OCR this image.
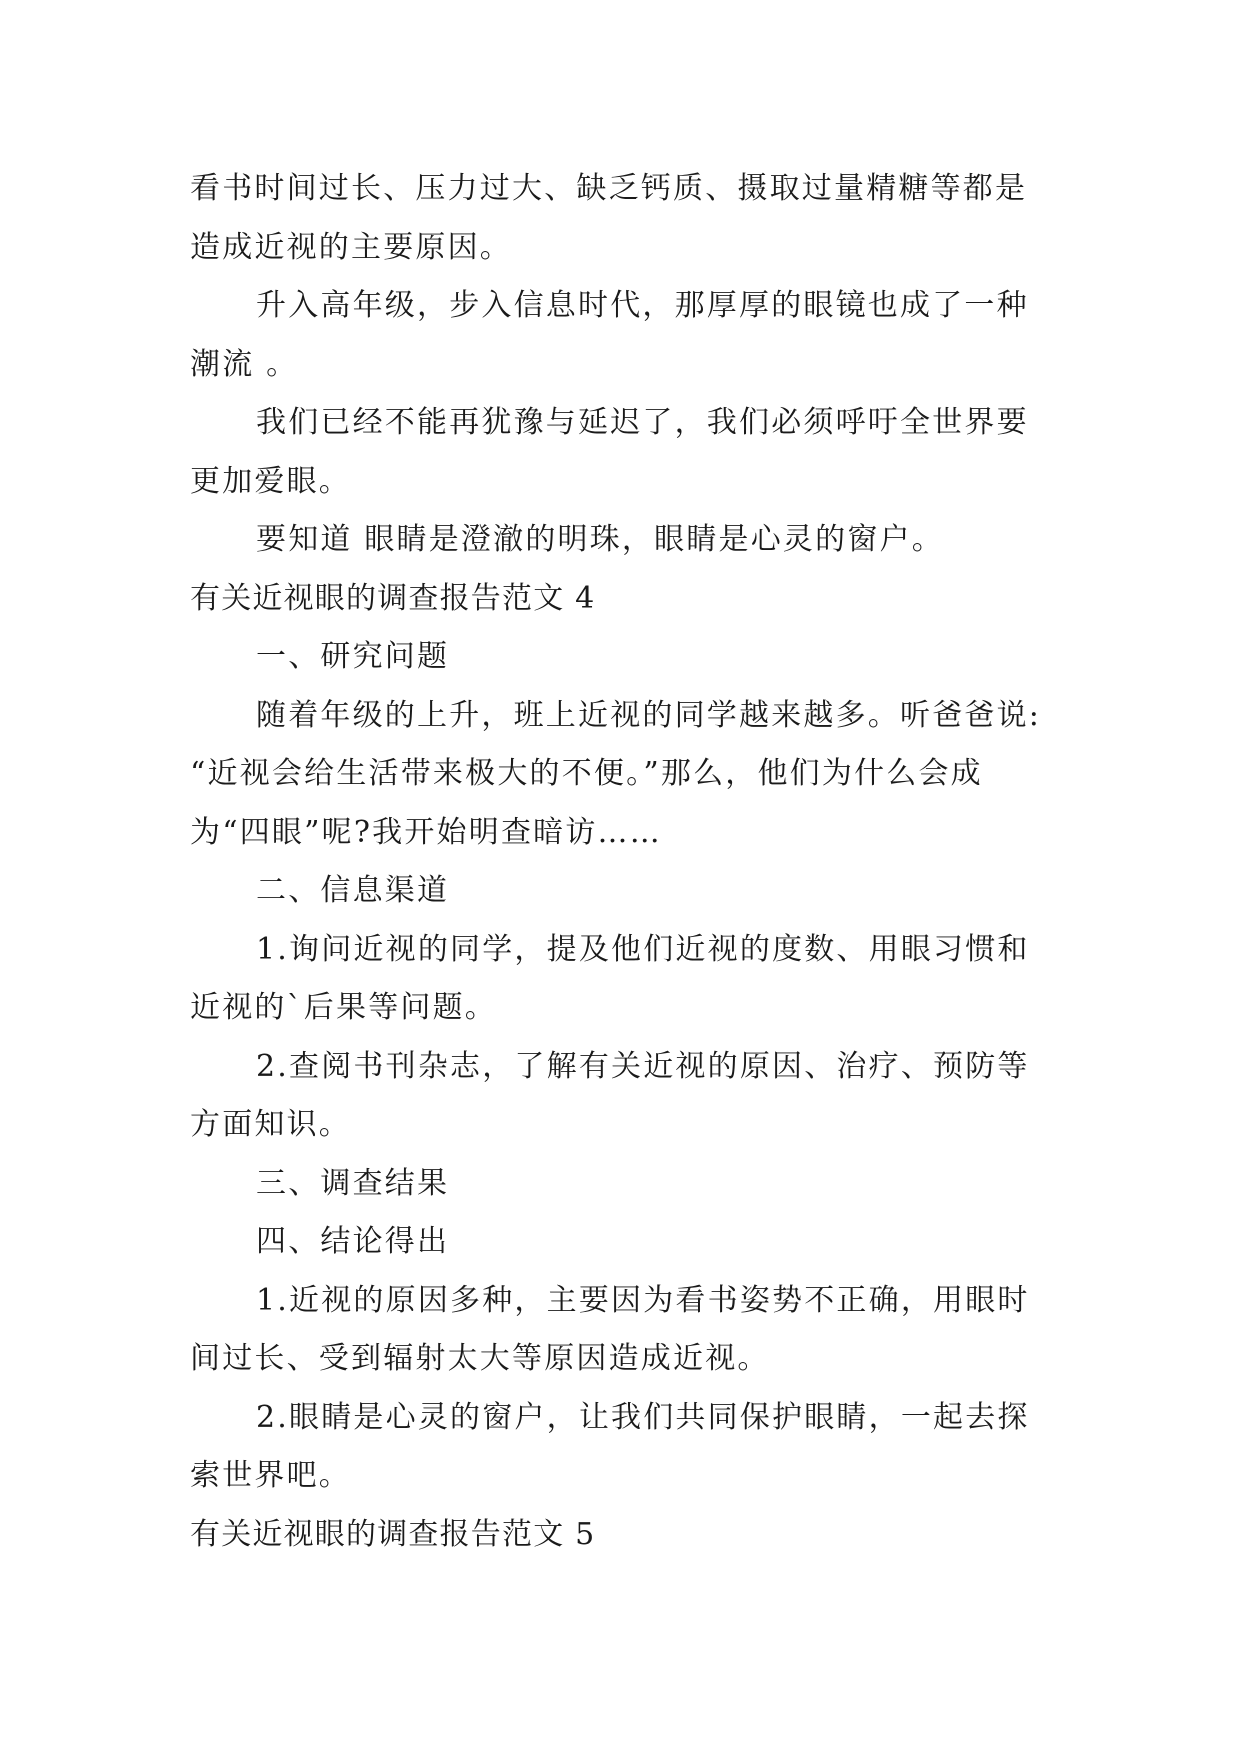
看书时间过长、压力过大、缺乏钙质、摄取过量精糖等都是
造成近视的主要原因。
升入高年级，步入信息时代，那厚厚的眼镜也成了一种
潮流 。
我们已经不能再犹豫与延迟了，我们必须呼吁全世界要
更加爱眼。
要知道 眼睛是澄澈的明珠，眼睛是心灵的窗户。
有关近视眼的调查报告范文 4
一、研究问题
随着年级的上升，班上近视的同学越来越多。听爸爸说:
“近视会给生活带来极大的不便。”那么，他们为什么会成
为“四眼”呢?我开始明查暗访……
二、信息渠道
1.询问近视的同学，提及他们近视的度数、用眼习惯和
近视的`后果等问题。
2.查阅书刊杂志，了解有关近视的原因、治疗、预防等
方面知识。
三、调查结果
四、结论得出
1.近视的原因多种，主要因为看书姿势不正确，用眼时
间过长、受到辐射太大等原因造成近视。
2.眼睛是心灵的窗户，让我们共同保护眼睛，一起去探
索世界吧。
有关近视眼的调查报告范文 5
